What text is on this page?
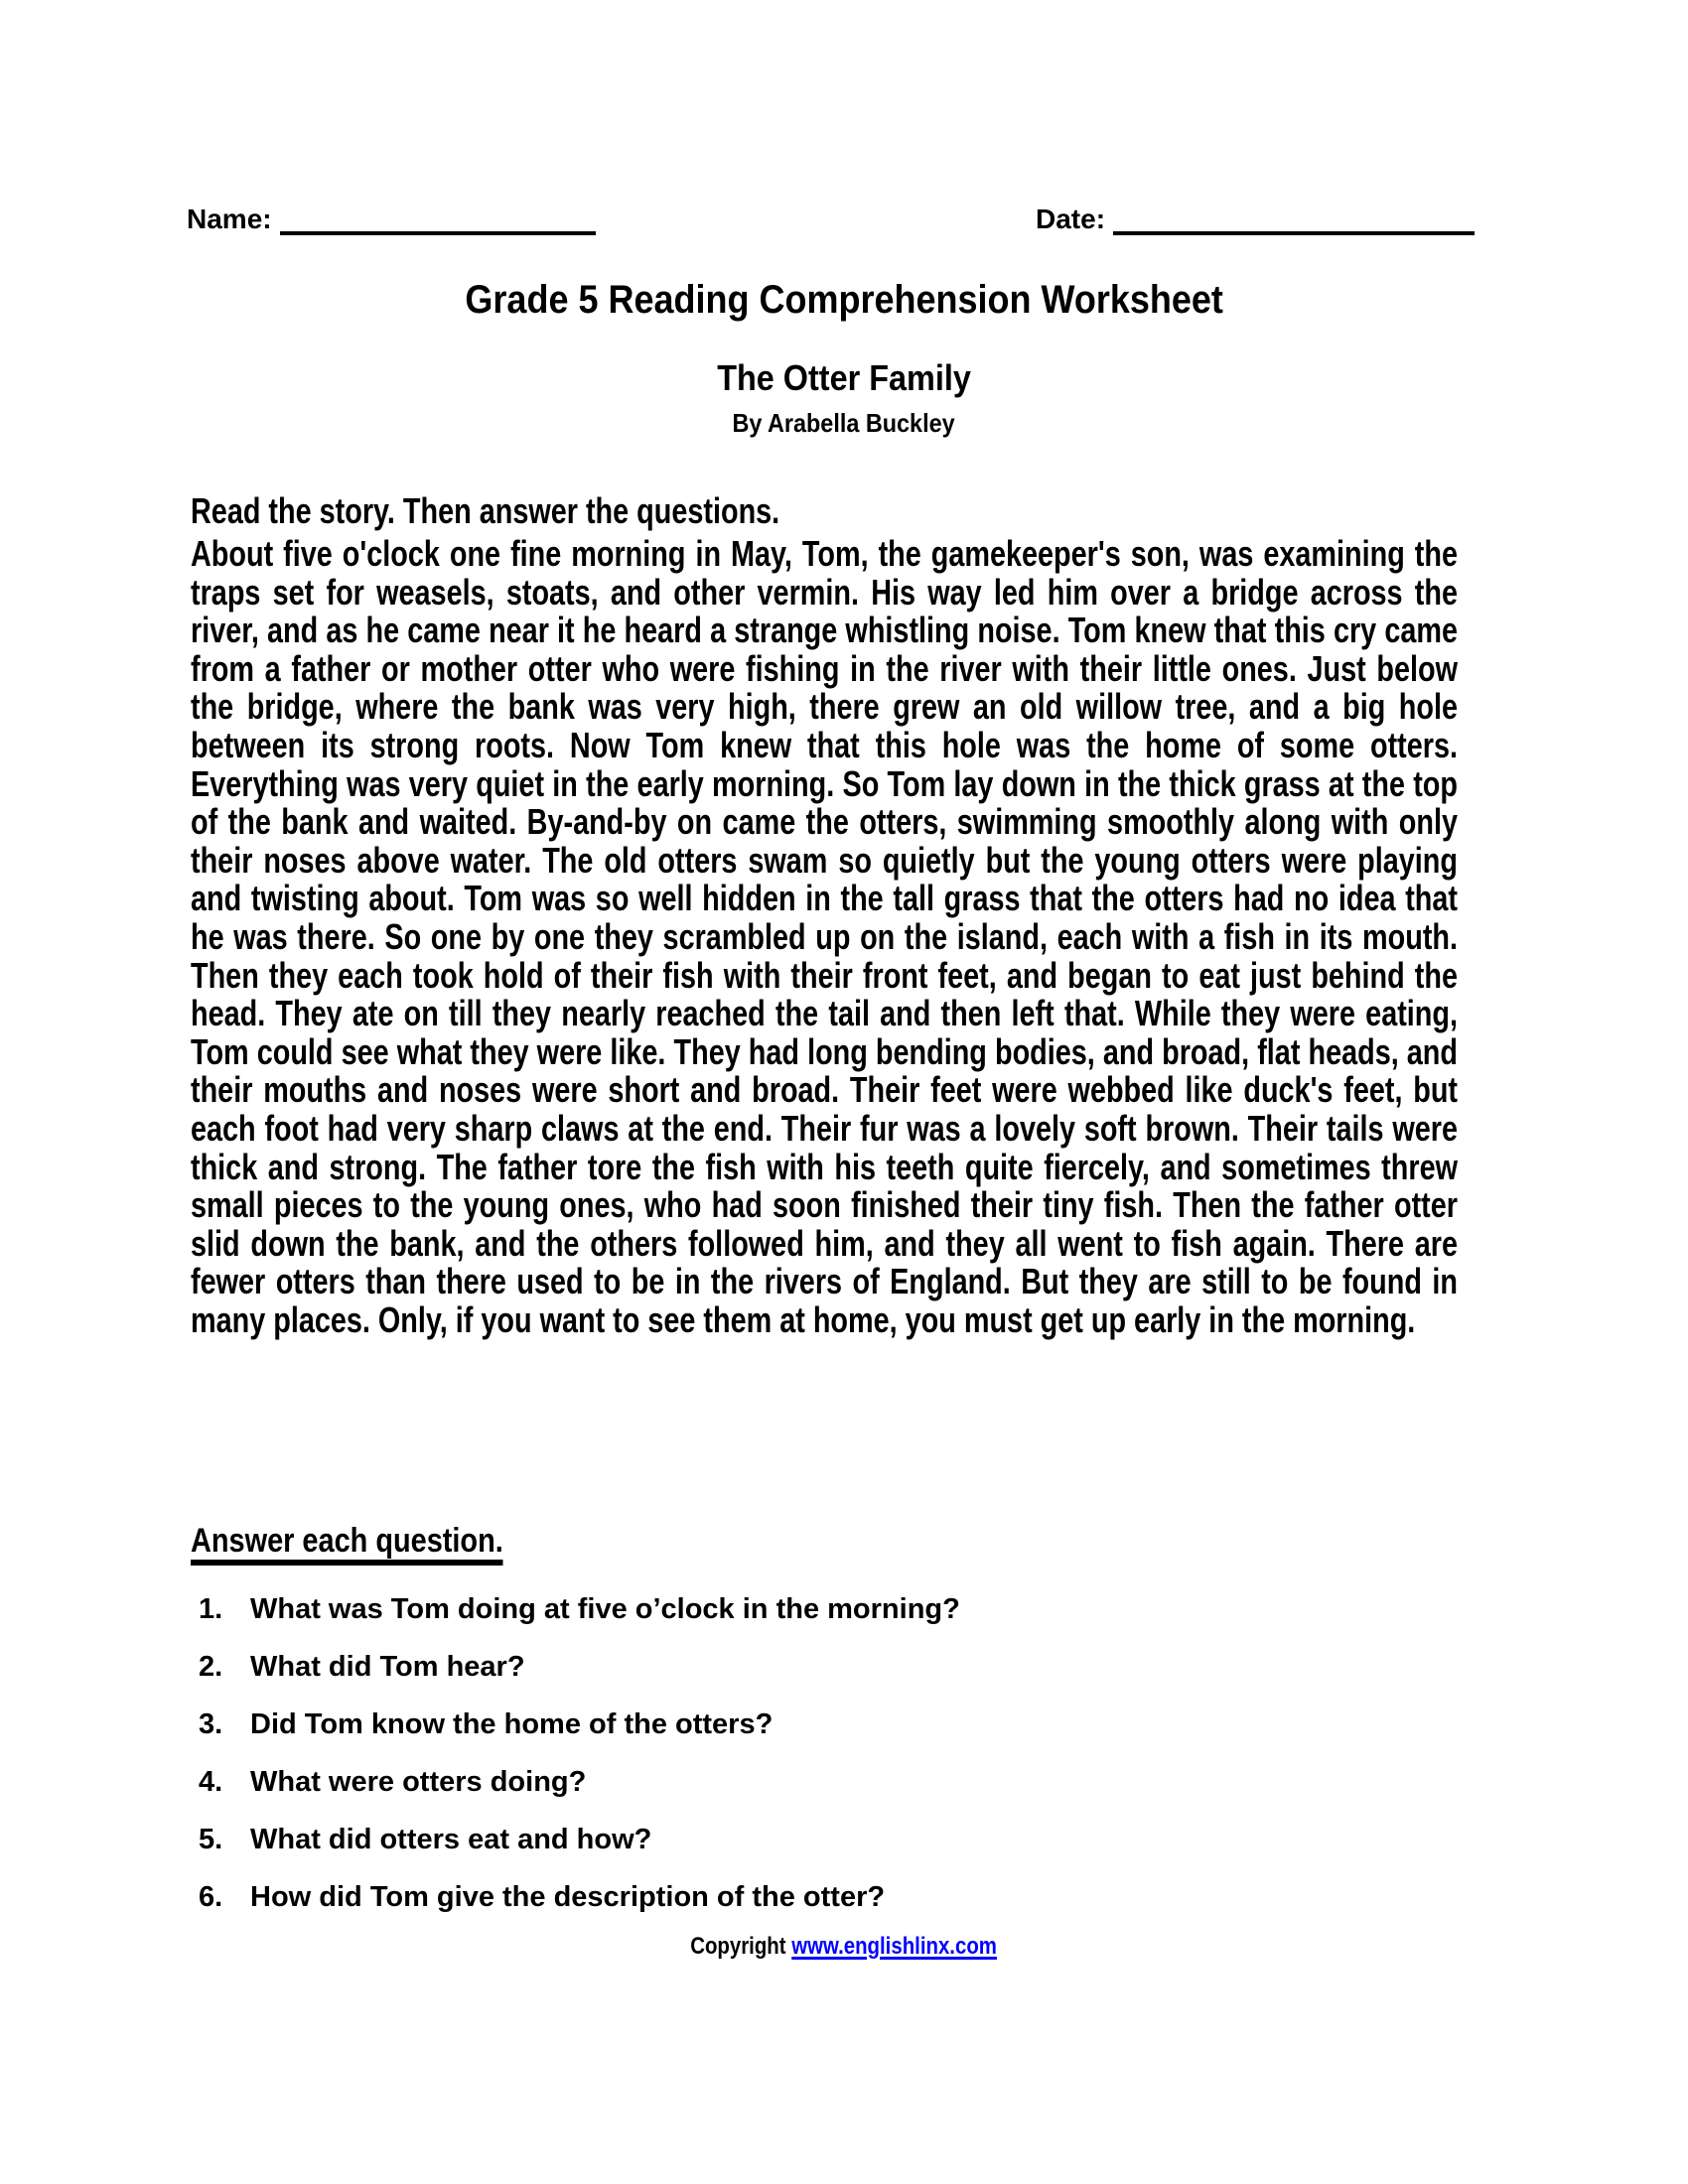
Name:	Date:
Grade 5 Reading Comprehension Worksheet
The Otter Family
By Arabella Buckley

Read the story. Then answer the questions.

About five o'clock one fine morning in May, Tom, the gamekeeper's son, was examining the traps set for weasels, stoats, and other vermin. His way led him over a bridge across the river, and as he came near it he heard a strange whistling noise. Tom knew that this cry came from a father or mother otter who were fishing in the river with their little ones. Just below the bridge, where the bank was very high, there grew an old willow tree, and a big hole between its strong roots. Now Tom knew that this hole was the home of some otters. Everything was very quiet in the early morning. So Tom lay down in the thick grass at the top of the bank and waited. By-and-by on came the otters, swimming smoothly along with only their noses above water. The old otters swam so quietly but the young otters were playing and twisting about. Tom was so well hidden in the tall grass that the otters had no idea that he was there. So one by one they scrambled up on the island, each with a fish in its mouth. Then they each took hold of their fish with their front feet, and began to eat just behind the head. They ate on till they nearly reached the tail and then left that. While they were eating, Tom could see what they were like. They had long bending bodies, and broad, flat heads, and their mouths and noses were short and broad. Their feet were webbed like duck's feet, but each foot had very sharp claws at the end. Their fur was a lovely soft brown. Their tails were thick and strong. The father tore the fish with his teeth quite fiercely, and sometimes threw small pieces to the young ones, who had soon finished their tiny fish. Then the father otter slid down the bank, and the others followed him, and they all went to fish again. There are fewer otters than there used to be in the rivers of England. But they are still to be found in many places. Only, if you want to see them at home, you must get up early in the morning.

Answer each question.
1. What was Tom doing at five o’clock in the morning?
2. What did Tom hear?
3. Did Tom know the home of the otters?
4. What were otters doing?
5. What did otters eat and how?
6. How did Tom give the description of the otter?
Copyright www.englishlinx.com
